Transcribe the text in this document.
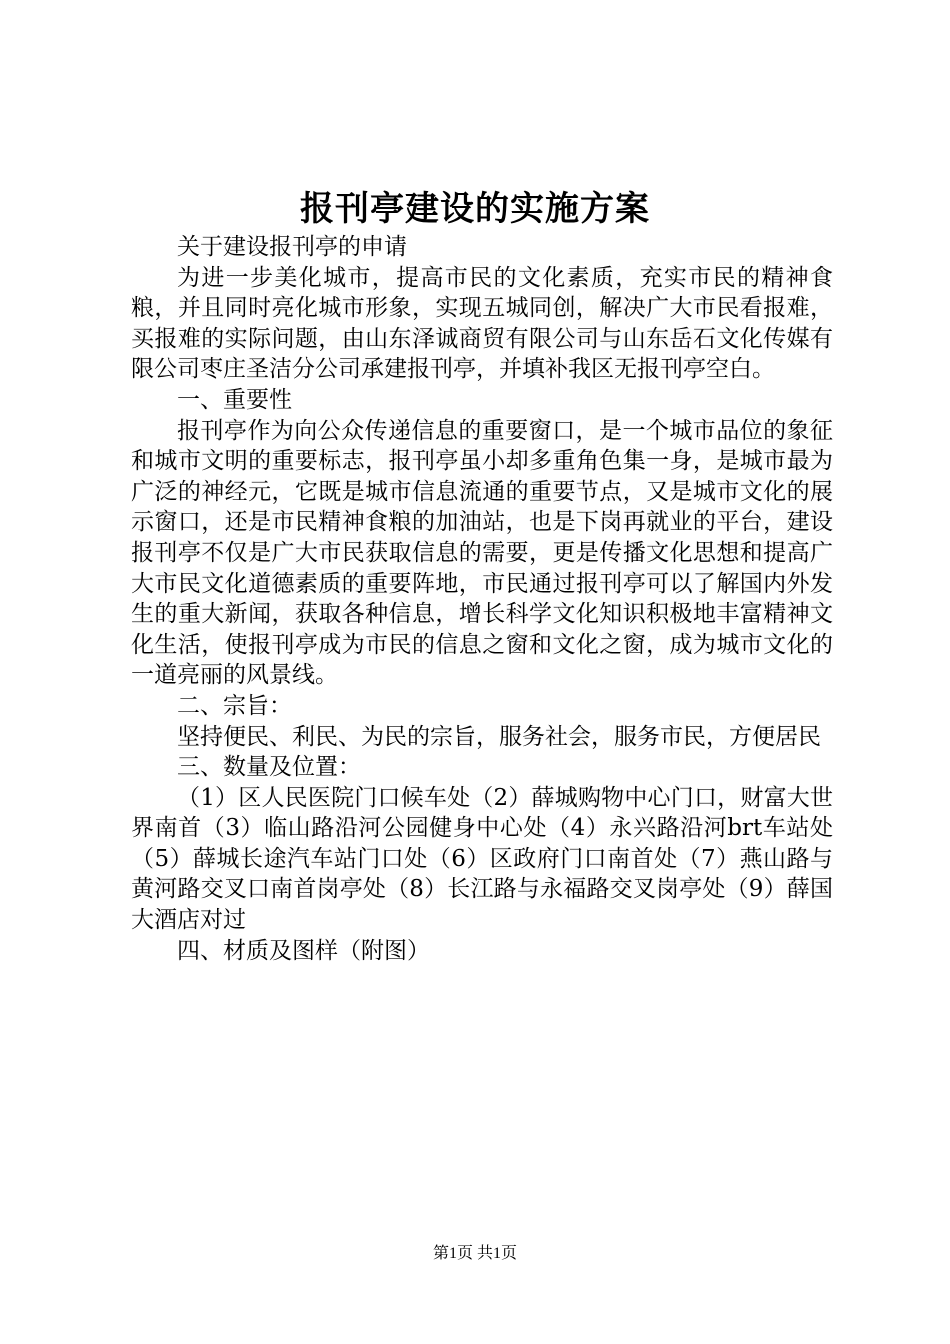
报刊亭建设的实施方案

关于建设报刊亭的申请

为进一步美化城市，提高市民的文化素质，充实市民的精神食粮，并且同时亮化城市形象，实现五城同创，解决广大市民看报难，买报难的实际问题，由山东泽诚商贸有限公司与山东岳石文化传媒有限公司枣庄圣洁分公司承建报刊亭，并填补我区无报刊亭空白。

一、重要性

报刊亭作为向公众传递信息的重要窗口，是一个城市品位的象征和城市文明的重要标志，报刊亭虽小却多重角色集一身，是城市最为广泛的神经元，它既是城市信息流通的重要节点，又是城市文化的展示窗口，还是市民精神食粮的加油站，也是下岗再就业的平台，建设报刊亭不仅是广大市民获取信息的需要，更是传播文化思想和提高广大市民文化道德素质的重要阵地，市民通过报刊亭可以了解国内外发生的重大新闻，获取各种信息，增长科学文化知识积极地丰富精神文化生活，使报刊亭成为市民的信息之窗和文化之窗，成为城市文化的一道亮丽的风景线。

二、宗旨：

坚持便民、利民、为民的宗旨，服务社会，服务市民，方便居民

三、数量及位置：

（1）区人民医院门口候车处（2）薛城购物中心门口，财富大世界南首（3）临山路沿河公园健身中心处（4）永兴路沿河brt车站处（5）薛城长途汽车站门口处（6）区政府门口南首处（7）燕山路与黄河路交叉口南首岗亭处（8）长江路与永福路交叉岗亭处（9）薛国大酒店对过

四、材质及图样（附图）

第1页 共1页
